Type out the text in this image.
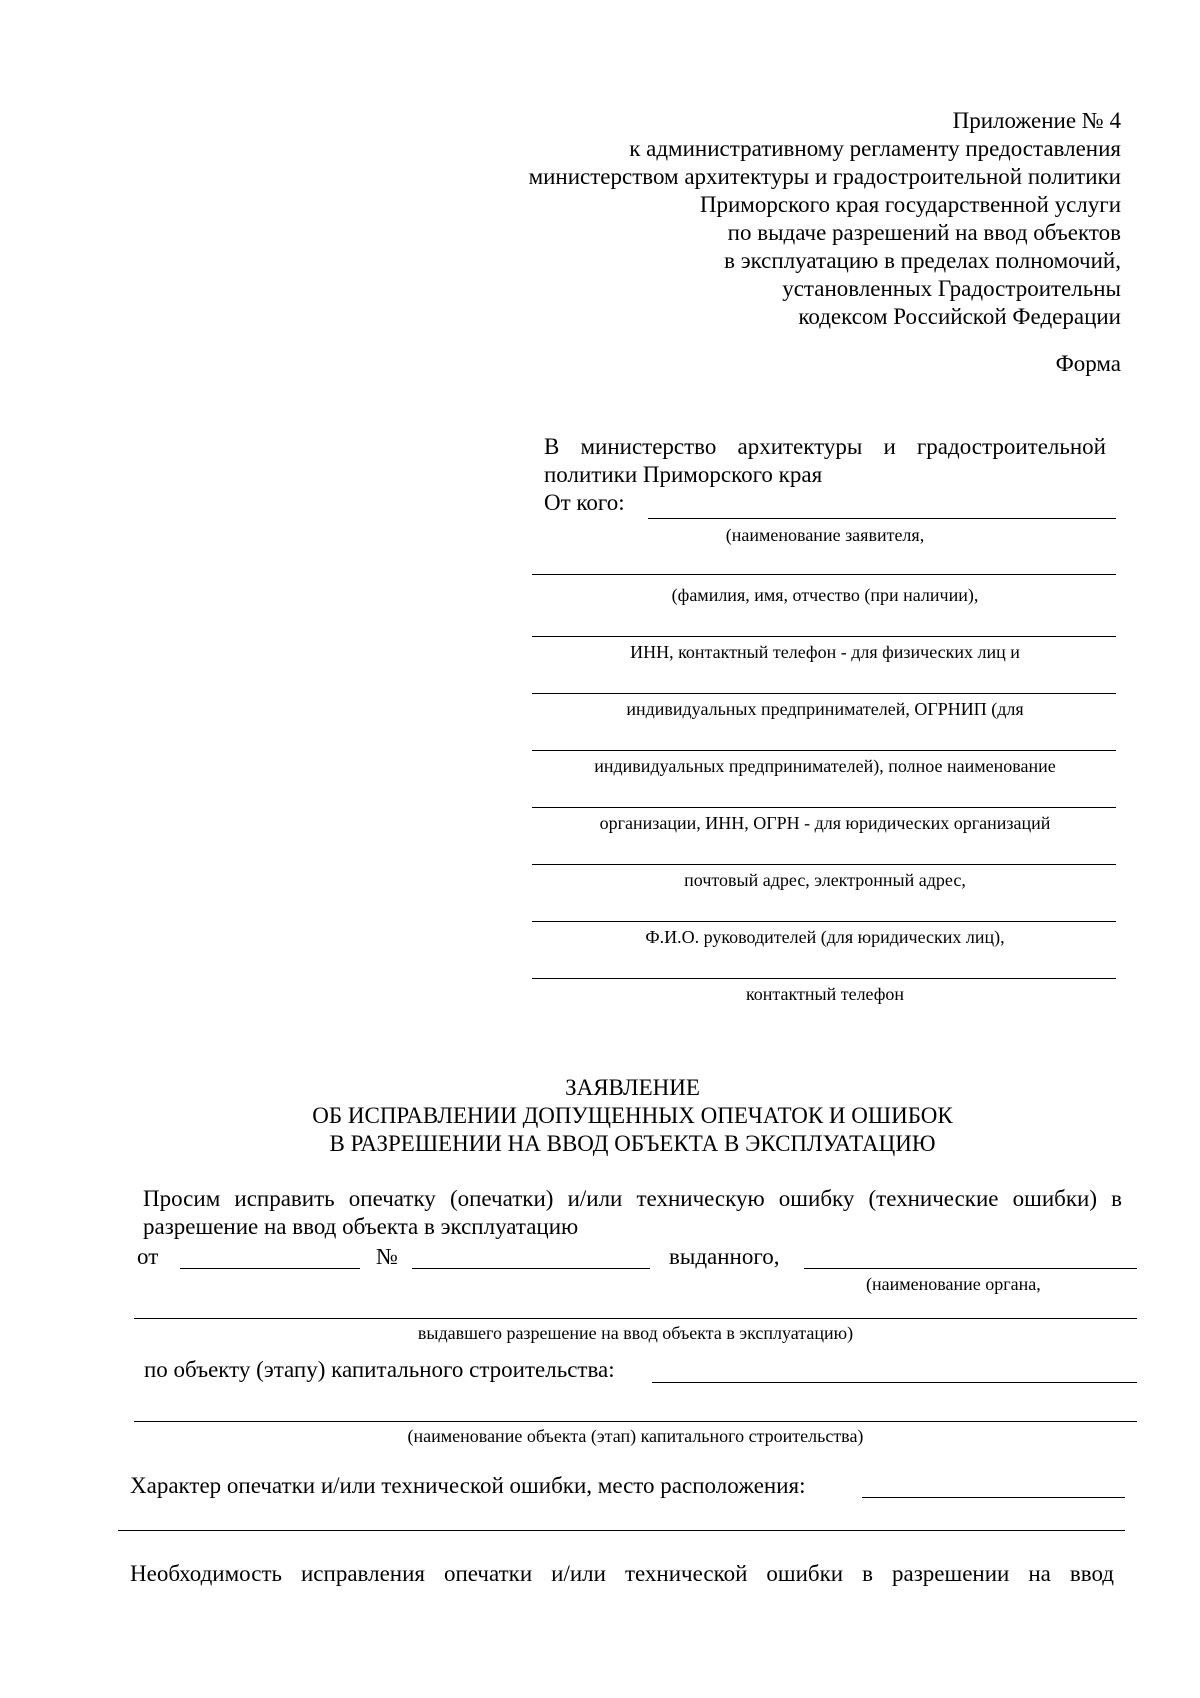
Приложение № 4
к административному регламенту предоставления
министерством архитектуры и градостроительной политики
Приморского края государственной услуги
по выдаче разрешений на ввод объектов
в эксплуатацию в пределах полномочий,
установленных Градостроительны
кодексом Российской Федерации
Форма
В министерство архитектуры и градостроительной
политики Приморского края
От кого:
(наименование заявителя,
(фамилия, имя, отчество (при наличии),
ИНН, контактный телефон - для физических лиц и
индивидуальных предпринимателей, ОГРНИП (для
индивидуальных предпринимателей), полное наименование
организации, ИНН, ОГРН - для юридических организаций
почтовый адрес, электронный адрес,
Ф.И.О. руководителей (для юридических лиц),
контактный телефон
ЗАЯВЛЕНИЕ
ОБ ИСПРАВЛЕНИИ ДОПУЩЕННЫХ ОПЕЧАТОК И ОШИБОК
В РАЗРЕШЕНИИ НА ВВОД ОБЪЕКТА В ЭКСПЛУАТАЦИЮ
Просим исправить опечатку (опечатки) и/или техническую ошибку (технические ошибки) в
разрешение на ввод объекта в эксплуатацию
от	№	выданного,
(наименование органа,
выдавшего разрешение на ввод объекта в эксплуатацию)
по объекту (этапу) капитального строительства:
(наименование объекта (этап) капитального строительства)
Характер опечатки и/или технической ошибки, место расположения:
Необходимость исправления опечатки и/или технической ошибки в разрешении на ввод
